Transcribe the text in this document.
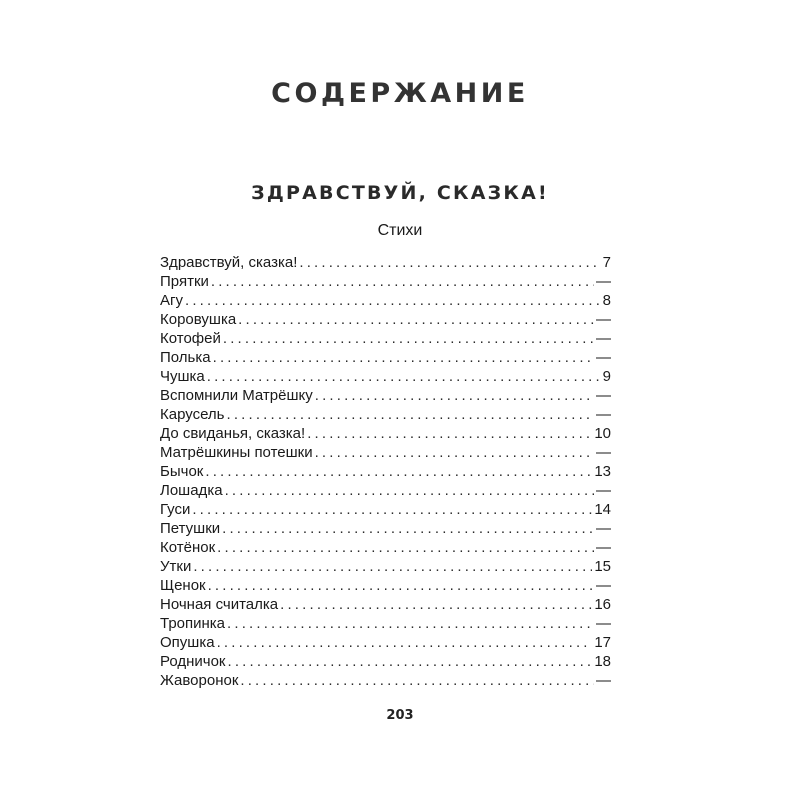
СОДЕРЖАНИЕ
ЗДРАВСТВУЙ, СКАЗКА!
Стихи
Здравствуй, сказка! . . .	7
Прятки . . .	—
Агу . . .	8
Коровушка . . .	—
Котофей . . .	—
Полька . . .	—
Чушка . . .	9
Вспомнили Матрёшку . . .	—
Карусель . . .	—
До свиданья, сказка! . . .	10
Матрёшкины потешки . . .	—
Бычок . . .	13
Лошадка . . .	—
Гуси . . .	14
Петушки . . .	—
Котёнок . . .	—
Утки . . .	15
Щенок . . .	—
Ночная считалка . . .	16
Тропинка . . .	—
Опушка . . .	17
Родничок . . .	18
Жаворонок . . .	—
203
